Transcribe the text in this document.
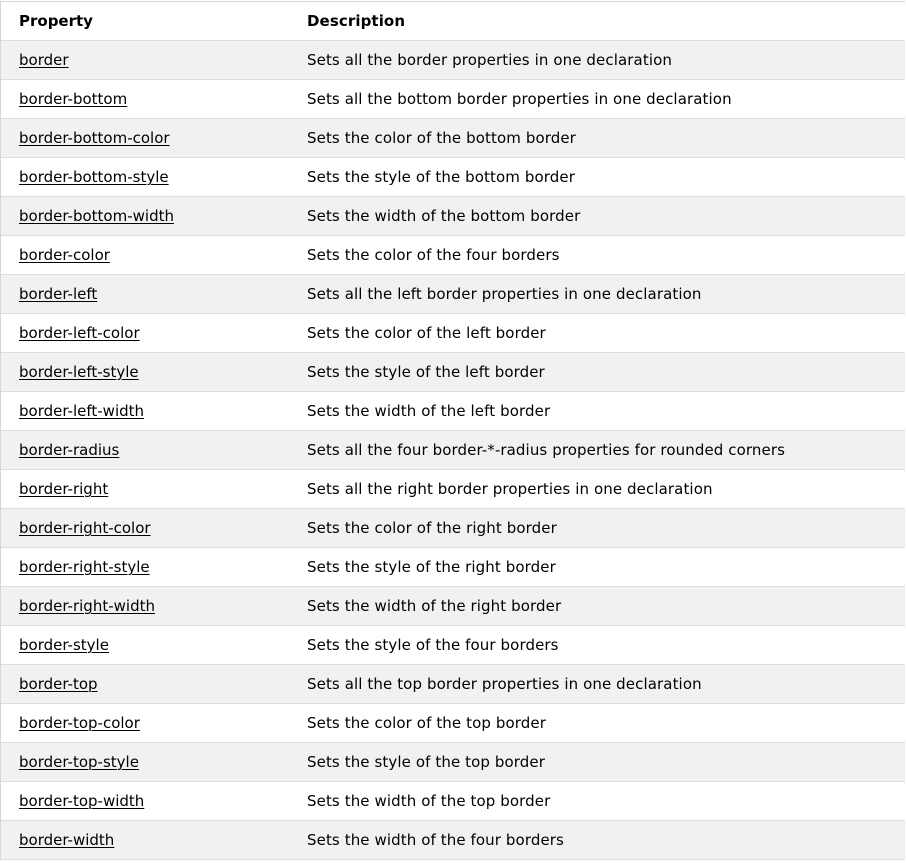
Property	Description
border	Sets all the border properties in one declaration
border-bottom	Sets all the bottom border properties in one declaration
border-bottom-color	Sets the color of the bottom border
border-bottom-style	Sets the style of the bottom border
border-bottom-width	Sets the width of the bottom border
border-color	Sets the color of the four borders
border-left	Sets all the left border properties in one declaration
border-left-color	Sets the color of the left border
border-left-style	Sets the style of the left border
border-left-width	Sets the width of the left border
border-radius	Sets all the four border-*-radius properties for rounded corners
border-right	Sets all the right border properties in one declaration
border-right-color	Sets the color of the right border
border-right-style	Sets the style of the right border
border-right-width	Sets the width of the right border
border-style	Sets the style of the four borders
border-top	Sets all the top border properties in one declaration
border-top-color	Sets the color of the top border
border-top-style	Sets the style of the top border
border-top-width	Sets the width of the top border
border-width	Sets the width of the four borders
